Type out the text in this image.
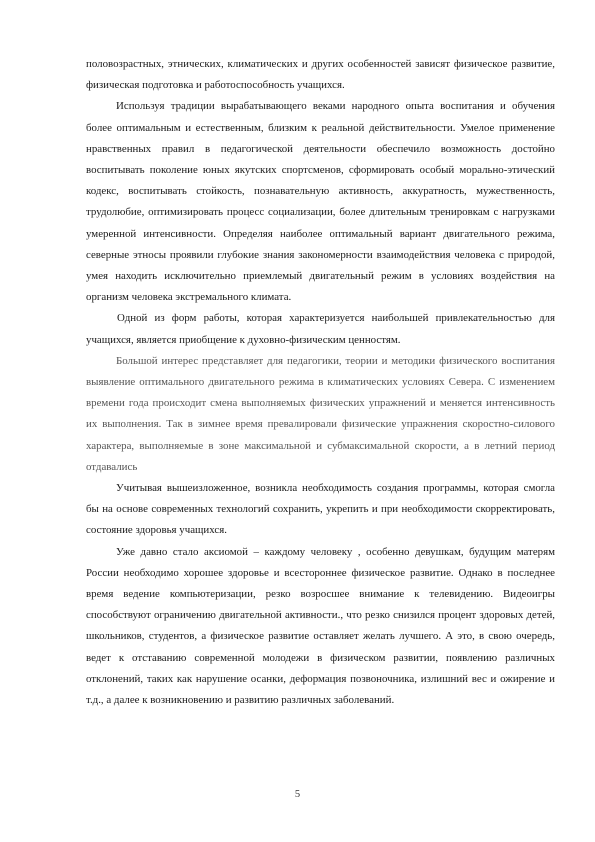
половозрастных, этнических, климатических и других особенностей зависят физическое развитие, физическая подготовка и работоспособность учащихся.

Используя традиции вырабатывающего веками народного опыта воспитания и обучения более оптимальным и естественным, близким к реальной действительности. Умелое применение нравственных правил в педагогической деятельности обеспечило возможность достойно воспитывать поколение юных якутских спортсменов, сформировать особый морально-этический кодекс, воспитывать стойкость, познавательную активность, аккуратность, мужественность, трудолюбие, оптимизировать процесс социализации, более длительным тренировкам с нагрузками умеренной интенсивности. Определяя наиболее оптимальный вариант двигательного режима, северные этносы проявили глубокие знания закономерности взаимодействия человека с природой, умея находить исключительно приемлемый двигательный режим в условиях воздействия на организм человека экстремального климата.

Одной из форм работы, которая характеризуется наибольшей привлекательностью для учащихся, является приобщение к духовно-физическим ценностям.

Большой интерес представляет для педагогики, теории и методики физического воспитания выявление оптимального двигательного режима в климатических условиях Севера. С изменением времени года происходит смена выполняемых физических упражнений и меняется интенсивность их выполнения. Так в зимнее время превалировали физические упражнения скоростно-силового характера, выполняемые в зоне максимальной и субмаксимальной скорости, а в летний период отдавались

Учитывая вышеизложенное, возникла необходимость создания программы, которая смогла бы на основе современных технологий сохранить, укрепить и при необходимости скорректировать, состояние здоровья учащихся.

Уже давно стало аксиомой – каждому человеку , особенно девушкам, будущим матерям России необходимо хорошее здоровье и всестороннее физическое развитие. Однако в последнее время ведение компьютеризации, резко возросшее внимание к телевидению. Видеоигры способствуют ограничению двигательной активности., что резко снизился процент здоровых детей, школьников, студентов, а физическое развитие оставляет желать лучшего. А это, в свою очередь, ведет к отставанию современной молодежи в физическом развитии, появлению различных отклонений, таких как нарушение осанки, деформация позвоночника, излишний вес и ожирение и т.д., а далее к возникновению и развитию различных заболеваний.

5
